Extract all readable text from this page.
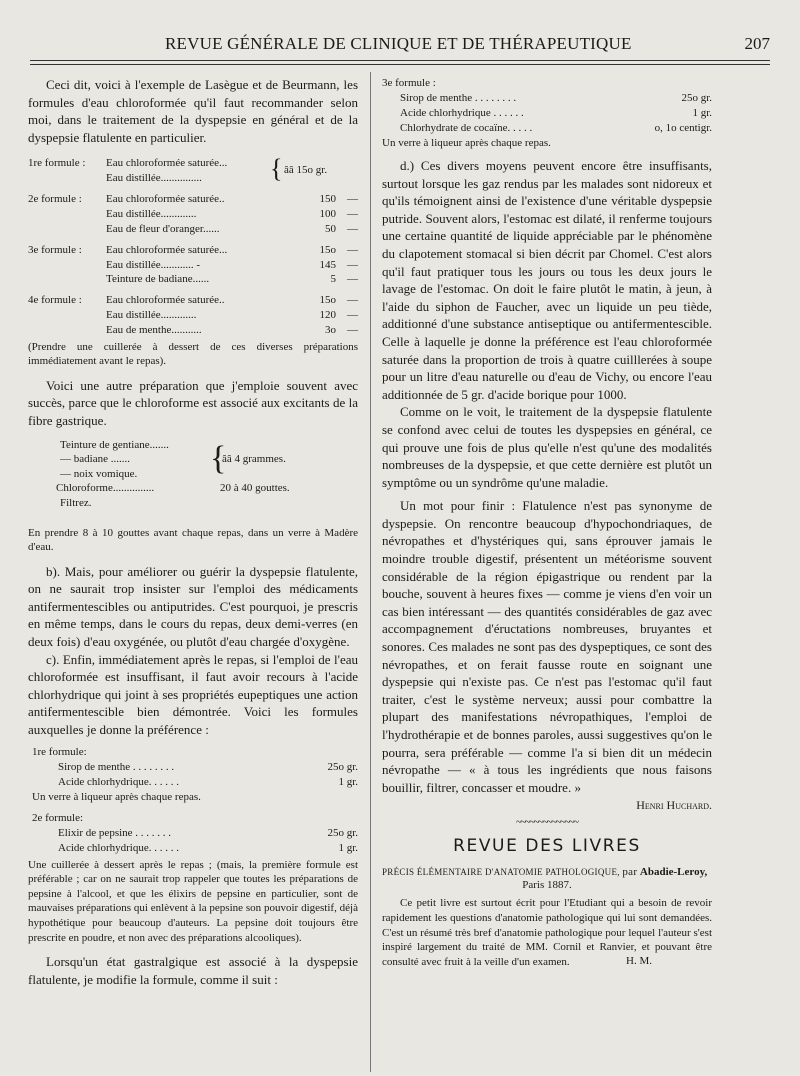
REVUE GÉNÉRALE DE CLINIQUE ET DE THÉRAPEUTIQUE	207

Ceci dit, voici à l'exemple de Lasègue et de Beurmann, les formules d'eau chloroformée qu'il faut recommander selon moi, dans le traitement de la dyspepsie en général et de la dyspepsie flatulente en particulier.

1re formule :	Eau chloroformée saturée...
Eau distillée...............	{ ââ 15o gr.
2e formule :	Eau chloroformée saturée..	150	—
Eau distillée.............	100	—
Eau de fleur d'oranger......	50	—
3e formule :	Eau chloroformée saturée...	15o	—
Eau distillée............ -	145	—
Teinture de badiane......	5	—
4e formule :	Eau chloroformée saturée..	15o	—
Eau distillée.............	120	—
Eau de menthe...........	3o	—

(Prendre une cuillerée à dessert de ces diverses préparations immédiatement avant le repas).

Voici une autre préparation que j'emploie souvent avec succès, parce que le chloroforme est associé aux excitants de la fibre gastrique.

Teinture de gentiane.......
— badiane .......
— noix vomique.	{
ââ 4 grammes.
Chloroforme...............	20 à 40 gouttes.
Filtrez.

En prendre 8 à 10 gouttes avant chaque repas, dans un verre à Madère d'eau.

b). Mais, pour améliorer ou guérir la dyspepsie flatulente, on ne saurait trop insister sur l'emploi des médicaments antifermentescibles ou antiputrides. C'est pourquoi, je prescris en même temps, dans le cours du repas, deux demi-verres (en deux fois) d'eau oxygénée, ou plutôt d'eau chargée d'oxygène.

c). Enfin, immédiatement après le repas, si l'emploi de l'eau chloroformée est insuffisant, il faut avoir recours à l'acide chlorhydrique qui joint à ses propriétés eupeptiques une action antifermentescible bien démontrée. Voici les formules auxquelles je donne la préférence :

1re formule:
Sirop de menthe . . . . . . . .	25o gr.
Acide chlorhydrique. . . . . .	1 gr.
Un verre à liqueur après chaque repas.
2e formule:
Elixir de pepsine . . . . . . .	25o gr.
Acide chlorhydrique. . . . . .	1 gr.

Une cuillerée à dessert après le repas ; (mais, la première formule est préférable ; car on ne saurait trop rappeler que toutes les préparations de pepsine à l'alcool, et que les élixirs de pepsine en particulier, sont de mauvaises préparations qui enlèvent à la pepsine son pouvoir digestif, déjà hypothétique pour beaucoup d'auteurs. La pepsine doit toujours être prescrite en poudre, et non avec des préparations alcooliques).

Lorsqu'un état gastralgique est associé à la dyspepsie flatulente, je modifie la formule, comme il suit :

3e formule :
Sirop de menthe . . . . . . . .	25o gr.
Acide chlorhydrique . . . . . .	1 gr.
Chlorhydrate de cocaïne. . . . .	o, 1o centigr.
Un verre à liqueur après chaque repas.

d.) Ces divers moyens peuvent encore être insuffisants, surtout lorsque les gaz rendus par les malades sont nidoreux et qu'ils témoignent ainsi de l'existence d'une véritable dyspepsie putride. Souvent alors, l'estomac est dilaté, il renferme toujours une certaine quantité de liquide appréciable par le phénomène du clapotement stomacal si bien décrit par Chomel. C'est alors qu'il faut pratiquer tous les jours ou tous les deux jours le lavage de l'estomac. On doit le faire plutôt le matin, à jeun, à l'aide du siphon de Faucher, avec un liquide un peu tiède, additionné d'une substance antiseptique ou antifermentescible. Celle à laquelle je donne la préférence est l'eau chloroformée saturée dans la proportion de trois à quatre cuilllerées à soupe pour un litre d'eau naturelle ou d'eau de Vichy, ou encore l'eau additionnée de 5 gr. d'acide borique pour 1000.

Comme on le voit, le traitement de la dyspepsie flatulente se confond avec celui de toutes les dyspepsies en général, ce qui prouve une fois de plus qu'elle n'est qu'une des modalités nombreuses de la dyspepsie, et que cette dernière est plutôt un symptôme ou un syndrôme qu'une maladie.

Un mot pour finir : Flatulence n'est pas synonyme de dyspepsie. On rencontre beaucoup d'hypochondriaques, de névropathes et d'hystériques qui, sans éprouver jamais le moindre trouble digestif, présentent un météorisme souvent considérable de la région épigastrique ou rendent par la bouche, souvent à heures fixes — comme je viens d'en voir un cas bien intéressant — des quantités considérables de gaz avec accompagnement d'éructations nombreuses, bruyantes et sonores. Ces malades ne sont pas des dyspeptiques, ce sont des névropathes, et on ferait fausse route en soignant une dyspepsie qui n'existe pas. Ce n'est pas l'estomac qu'il faut traiter, c'est le système nerveux; aussi pour combattre la plupart des manifestations névropathiques, l'emploi de l'hydrothérapie et de bonnes paroles, aussi suggestives qu'on le pourra, sera préférable — comme l'a si bien dit un médecin névropathe — « à tous les ingrédients que nous faisons bouillir, filtrer, concasser et moudre. »

Henri Huchard.
~~~~~~~~~~~~~~
REVUE DES LIVRES
PRÉCIS ÉLÉMENTAIRE D'ANATOMIE PATHOLOGIQUE, par Abadie-Leroy,
Paris 1887.

Ce petit livre est surtout écrit pour l'Etudiant qui a besoin de revoir rapidement les questions d'anatomie pathologique qui lui sont demandées. C'est un résumé très bref d'anatomie pathologique pour lequel l'auteur s'est inspiré largement du traité de MM. Cornil et Ranvier, et pouvant être consulté avec fruit à la veille d'un examen.	H. M.
